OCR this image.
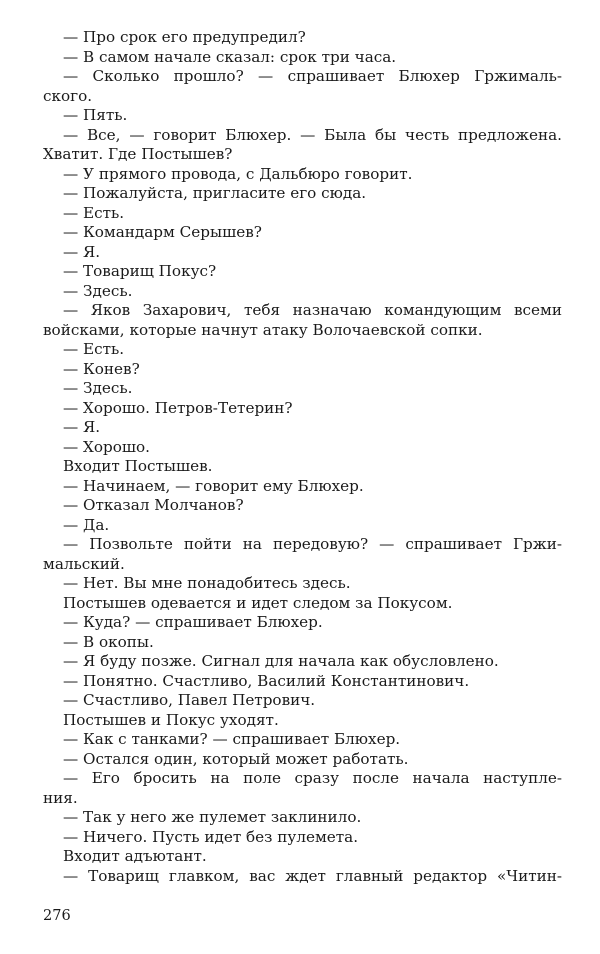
— Про срок его предупредил?
— В самом начале сказал: срок три часа.
— Сколько прошло? — спрашивает Блюхер Гржималь-
ского.
— Пять.
— Все, — говорит Блюхер. — Была бы честь предложена.
Хватит. Где Постышев?
— У прямого провода, с Дальбюро говорит.
— Пожалуйста, пригласите его сюда.
— Есть.
— Командарм Серышев?
— Я.
— Товарищ Покус?
— Здесь.
— Яков Захарович, тебя назначаю командующим всеми
войсками, которые начнут атаку Волочаевской сопки.
— Есть.
— Конев?
— Здесь.
— Хорошо. Петров-Тетерин?
— Я.
— Хорошо.
Входит Постышев.
— Начинаем, — говорит ему Блюхер.
— Отказал Молчанов?
— Да.
— Позвольте пойти на передовую? — спрашивает Гржи-
мальский.
— Нет. Вы мне понадобитесь здесь.
Постышев одевается и идет следом за Покусом.
— Куда? — спрашивает Блюхер.
— В окопы.
— Я буду позже. Сигнал для начала как обусловлено.
— Понятно. Счастливо, Василий Константинович.
— Счастливо, Павел Петрович.
Постышев и Покус уходят.
— Как с танками? — спрашивает Блюхер.
— Остался один, который может работать.
— Его бросить на поле сразу после начала наступле-
ния.
— Так у него же пулемет заклинило.
— Ничего. Пусть идет без пулемета.
Входит адъютант.
— Товарищ главком, вас ждет главный редактор «Читин-
276
